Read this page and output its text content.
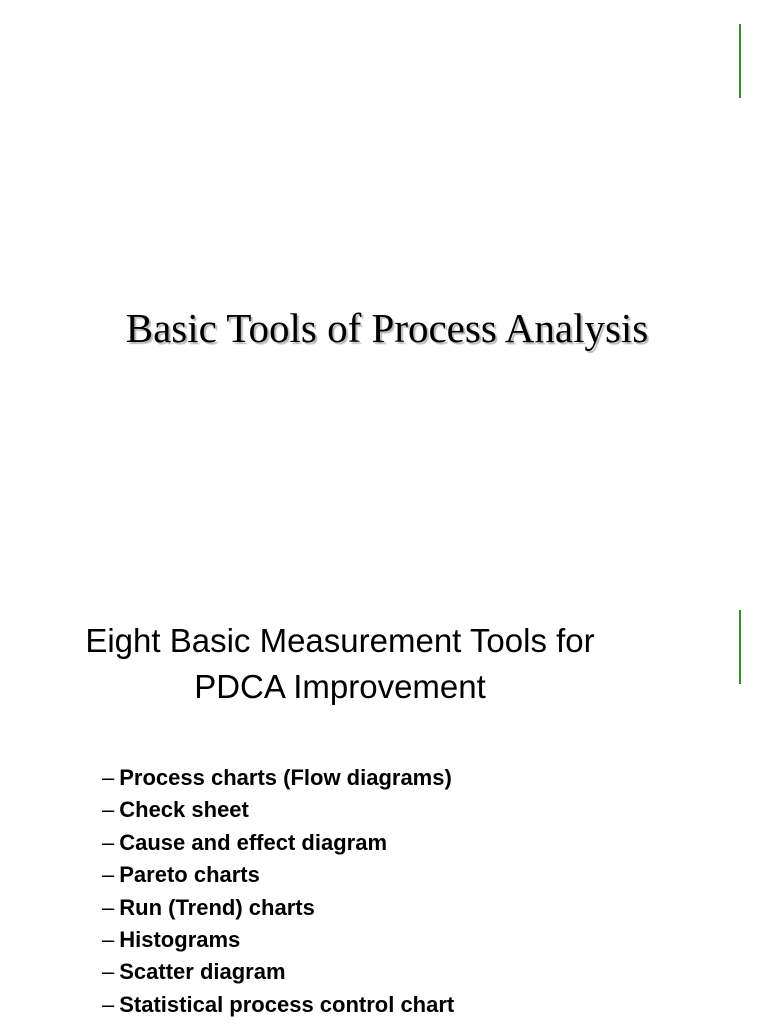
Basic Tools of Process Analysis
Eight Basic Measurement Tools for
PDCA Improvement
– Process charts (Flow diagrams)
– Check sheet
– Cause and effect diagram
– Pareto charts
– Run (Trend) charts
– Histograms
– Scatter diagram
– Statistical process control chart
